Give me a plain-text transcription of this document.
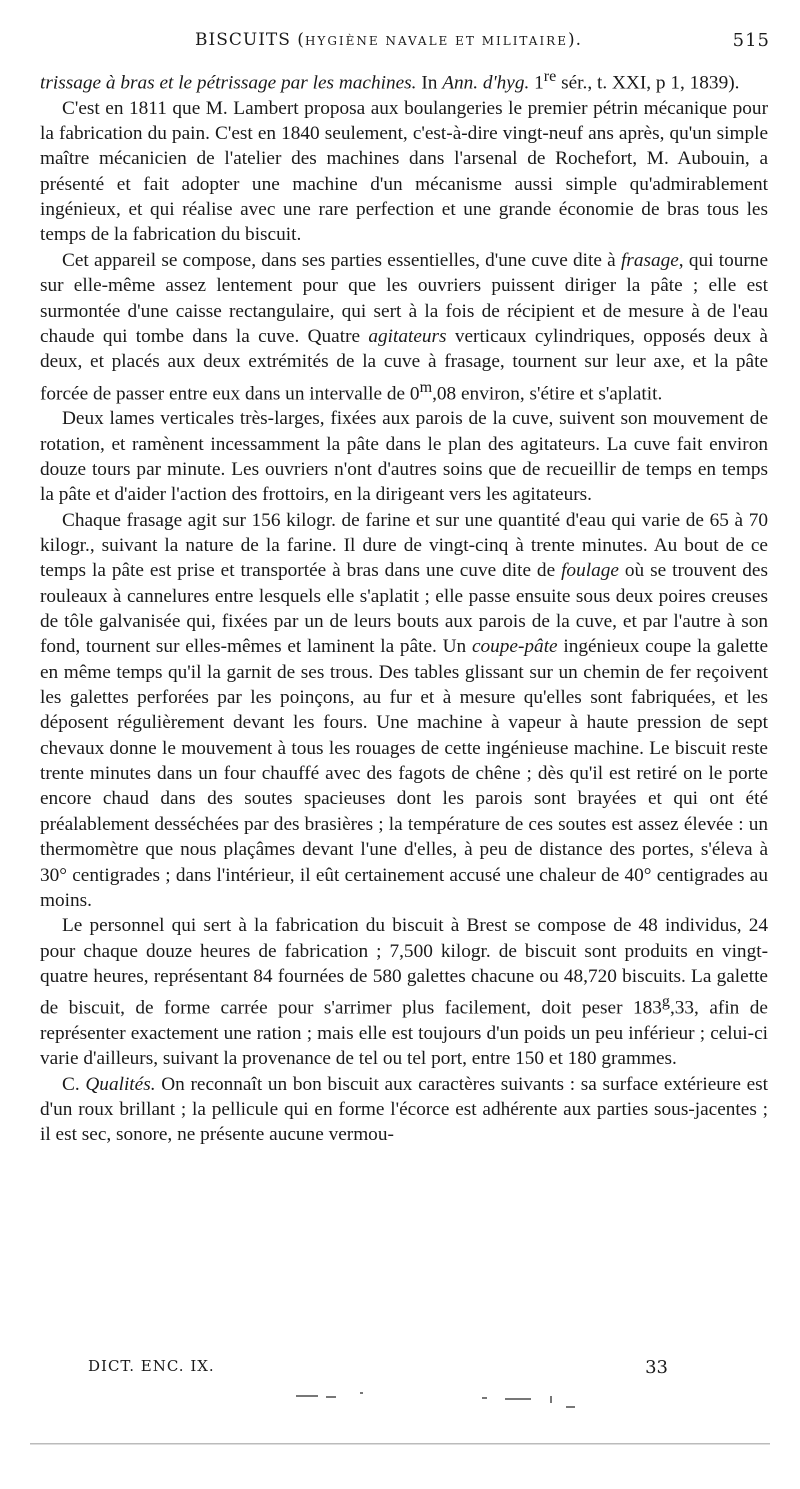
BISCUITS (HYGIÈNE NAVALE ET MILITAIRE).	515

trissage à bras et le pétrissage par les machines. In Ann. d'hyg. 1re sér., t. XXI, p 1, 1839).

C'est en 1811 que M. Lambert proposa aux boulangeries le premier pétrin mécanique pour la fabrication du pain. C'est en 1840 seulement, c'est-à-dire vingt-neuf ans après, qu'un simple maître mécanicien de l'atelier des machines dans l'arsenal de Rochefort, M. Aubouin, a présenté et fait adopter une machine d'un mécanisme aussi simple qu'admirablement ingénieux, et qui réalise avec une rare perfection et une grande économie de bras tous les temps de la fabrication du biscuit.

Cet appareil se compose, dans ses parties essentielles, d'une cuve dite à frasage, qui tourne sur elle-même assez lentement pour que les ouvriers puissent diriger la pâte ; elle est surmontée d'une caisse rectangulaire, qui sert à la fois de récipient et de mesure à de l'eau chaude qui tombe dans la cuve. Quatre agitateurs verticaux cylindriques, opposés deux à deux, et placés aux deux extrémités de la cuve à frasage, tournent sur leur axe, et la pâte forcée de passer entre eux dans un intervalle de 0$^m$,08 environ, s'étire et s'aplatit.

Deux lames verticales très-larges, fixées aux parois de la cuve, suivent son mouvement de rotation, et ramènent incessamment la pâte dans le plan des agitateurs. La cuve fait environ douze tours par minute. Les ouvriers n'ont d'autres soins que de recueillir de temps en temps la pâte et d'aider l'action des frottoirs, en la dirigeant vers les agitateurs.

Chaque frasage agit sur 156 kilogr. de farine et sur une quantité d'eau qui varie de 65 à 70 kilogr., suivant la nature de la farine. Il dure de vingt-cinq à trente minutes. Au bout de ce temps la pâte est prise et transportée à bras dans une cuve dite de foulage où se trouvent des rouleaux à cannelures entre lesquels elle s'aplatit ; elle passe ensuite sous deux poires creuses de tôle galvanisée qui, fixées par un de leurs bouts aux parois de la cuve, et par l'autre à son fond, tournent sur elles-mêmes et laminent la pâte. Un coupe-pâte ingénieux coupe la galette en même temps qu'il la garnit de ses trous. Des tables glissant sur un chemin de fer reçoivent les galettes perforées par les poinçons, au fur et à mesure qu'elles sont fabriquées, et les déposent régulièrement devant les fours. Une machine à vapeur à haute pression de sept chevaux donne le mouvement à tous les rouages de cette ingénieuse machine. Le biscuit reste trente minutes dans un four chauffé avec des fagots de chêne ; dès qu'il est retiré on le porte encore chaud dans des soutes spacieuses dont les parois sont brayées et qui ont été préalablement desséchées par des brasières ; la température de ces soutes est assez élevée : un thermomètre que nous plaçâmes devant l'une d'elles, à peu de distance des portes, s'éleva à 30° centigrades ; dans l'intérieur, il eût certainement accusé une chaleur de 40° centigrades au moins.

Le personnel qui sert à la fabrication du biscuit à Brest se compose de 48 individus, 24 pour chaque douze heures de fabrication ; 7,500 kilogr. de biscuit sont produits en vingt-quatre heures, représentant 84 fournées de 580 galettes chacune ou 48,720 biscuits. La galette de biscuit, de forme carrée pour s'arrimer plus facilement, doit peser 183$^g$,33, afin de représenter exactement une ration ; mais elle est toujours d'un poids un peu inférieur ; celui-ci varie d'ailleurs, suivant la provenance de tel ou tel port, entre 150 et 180 grammes.

C. Qualités. On reconnaît un bon biscuit aux caractères suivants : sa surface extérieure est d'un roux brillant ; la pellicule qui en forme l'écorce est adhérente aux parties sous-jacentes ; il est sec, sonore, ne présente aucune vermou-

DICT. ENC. IX.	33
